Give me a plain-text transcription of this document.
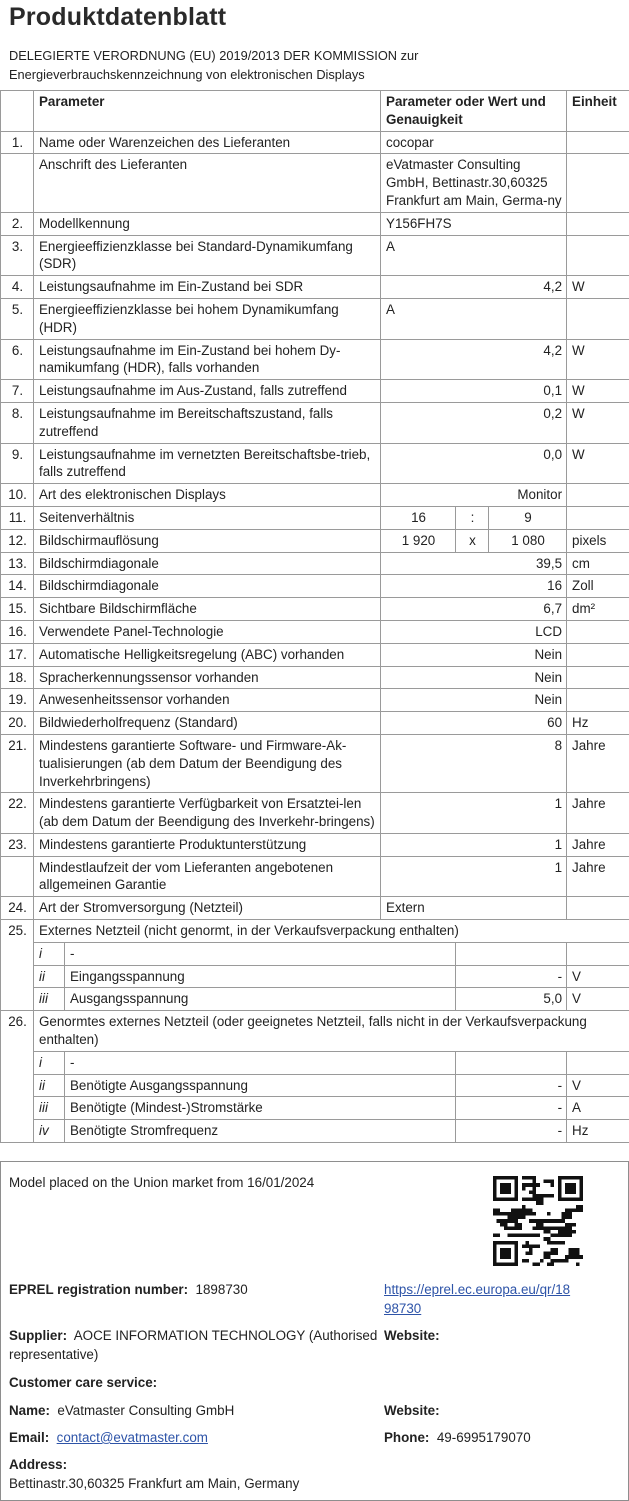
Produktdatenblatt
DELEGIERTE VERORDNUNG (EU) 2019/2013 DER KOMMISSION zur
Energieverbrauchskennzeichnung von elektronischen Displays
	Parameter		Parameter oder Wert und
Genauigkeit			Einheit
1.	Name oder Warenzeichen des Lieferanten		cocopar			
	Anschrift des Lieferanten		eVatmaster Consulting GmbH, Bettinastr.30,60325 Frankfurt am Main, Germa-ny			
2.	Modellkennung		Y156FH7S			
3.	Energieeffizienzklasse bei Standard-Dynamikumfang (SDR)		A			
4.	Leistungsaufnahme im Ein-Zustand bei SDR		4,2			W
5.	Energieeffizienzklasse bei hohem Dynamikumfang (HDR)		A			
6.	Leistungsaufnahme im Ein-Zustand bei hohem Dy-namikumfang (HDR), falls vorhanden		4,2			W
7.	Leistungsaufnahme im Aus-Zustand, falls zutreffend		0,1			W
8.	Leistungsaufnahme im Bereitschaftszustand, falls zutreffend		0,2			W
9.	Leistungsaufnahme im vernetzten Bereitschaftsbe-trieb, falls zutreffend		0,0			W
10.	Art des elektronischen Displays		Monitor			
11.	Seitenverhältnis		16	:	9	
12.	Bildschirmauflösung		1 920	x	1 080	pixels
13.	Bildschirmdiagonale		39,5			cm
14.	Bildschirmdiagonale		16			Zoll
15.	Sichtbare Bildschirmfläche		6,7			dm²
16.	Verwendete Panel-Technologie		LCD			
17.	Automatische Helligkeitsregelung (ABC) vorhanden		Nein			
18.	Spracherkennungssensor vorhanden		Nein			
19.	Anwesenheitssensor vorhanden		Nein			
20.	Bildwiederholfrequenz (Standard)		60			Hz
21.	Mindestens garantierte Software- und Firmware-Ak-tualisierungen (ab dem Datum der Beendigung des Inverkehrbringens)		8			Jahre
22.	Mindestens garantierte Verfügbarkeit von Ersatztei-len (ab dem Datum der Beendigung des Inverkehr-bringens)		1			Jahre
23.	Mindestens garantierte Produktunterstützung		1			Jahre
	Mindestlaufzeit der vom Lieferanten angebotenen allgemeinen Garantie		1			Jahre
24.	Art der Stromversorgung (Netzteil)		Extern			
25.	Externes Netzteil (nicht genormt, in der Verkaufsverpackung enthalten)					
	i	-				
	ii	Eingangsspannung		-		V
	iii	Ausgangsspannung		5,0		V
26.	Genormtes externes Netzteil (oder geeignetes Netzteil, falls nicht in der Verkaufsverpackung enthalten)					
	i	-				
	ii	Benötigte Ausgangsspannung		-		V
	iii	Benötigte (Mindest-)Stromstärke		-		A
	iv	Benötigte Stromfrequenz		-		Hz
Model placed on the Union market from 16/01/2024
EPREL registration number: 1898730	https://eprel.ec.europa.eu/qr/18
98730
Supplier: AOCE INFORMATION TECHNOLOGY (Authorised
representative)
Website:
Customer care service:
Name: eVatmaster Consulting GmbH	Website:
Email: contact@evatmaster.com	Phone: 49-6995179070
Address:
Bettinastr.30,60325 Frankfurt am Main, Germany
